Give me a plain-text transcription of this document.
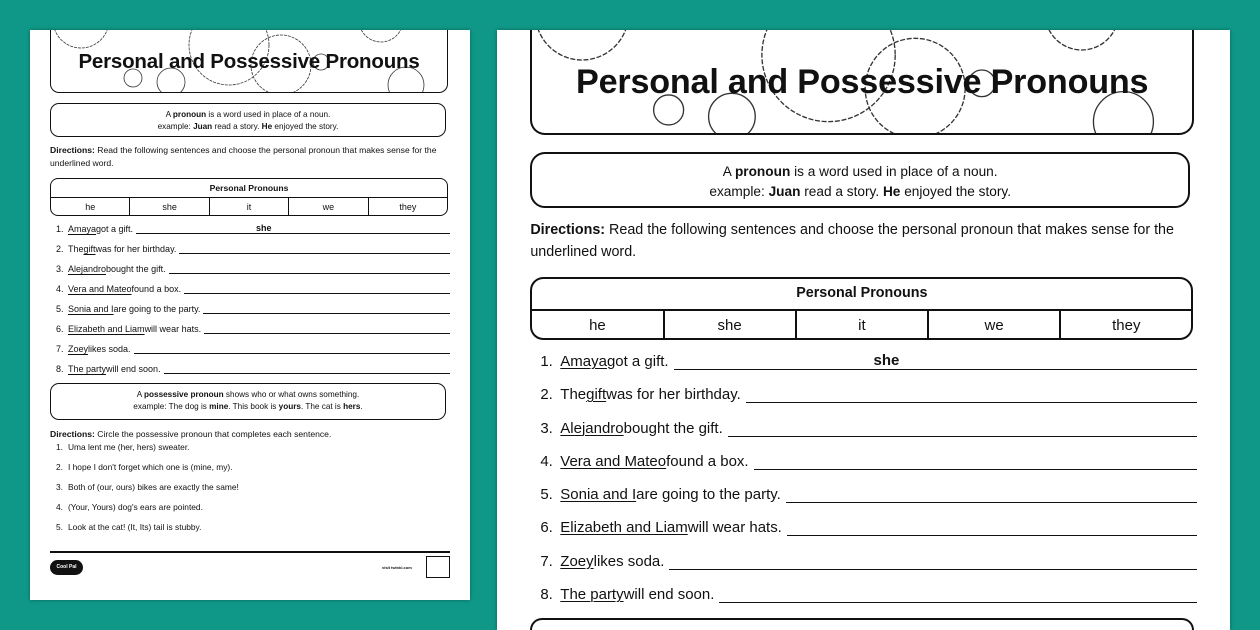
Personal and Possessive Pronouns
A pronoun is a word used in place of a noun.
example: Juan read a story. He enjoyed the story.
Directions: Read the following sentences and choose the personal pronoun that makes sense for the underlined word.
Personal Pronouns
he	she	it	we	they
1. Amaya got a gift.	she
2. The gift was for her birthday.
3. Alejandro bought the gift.
4. Vera and Mateo found a box.
5. Sonia and I are going to the party.
6. Elizabeth and Liam will wear hats.
7. Zoey likes soda.
8. The party will end soon.
A possessive pronoun shows who or what owns something.
example: The dog is mine. This book is yours. The cat is hers.
Directions: Circle the possessive pronoun that completes each sentence.
1. Uma lent me (her, hers) sweater.
2. I hope I don't forget which one is (mine, my).
3. Both of (our, ours) bikes are exactly the same!
4. (Your, Yours) dog's ears are pointed.
5. Look at the cat! (It, Its) tail is stubby.
Cool Pal	visit twinkl.com
Personal and Possessive Pronouns
A pronoun is a word used in place of a noun.
example: Juan read a story. He enjoyed the story.
Directions: Read the following sentences and choose the personal pronoun that makes sense for the underlined word.
Personal Pronouns
he	she	it	we	they
1. Amaya got a gift.	she
2. The gift was for her birthday.
3. Alejandro bought the gift.
4. Vera and Mateo found a box.
5. Sonia and I are going to the party.
6. Elizabeth and Liam will wear hats.
7. Zoey likes soda.
8. The party will end soon.
